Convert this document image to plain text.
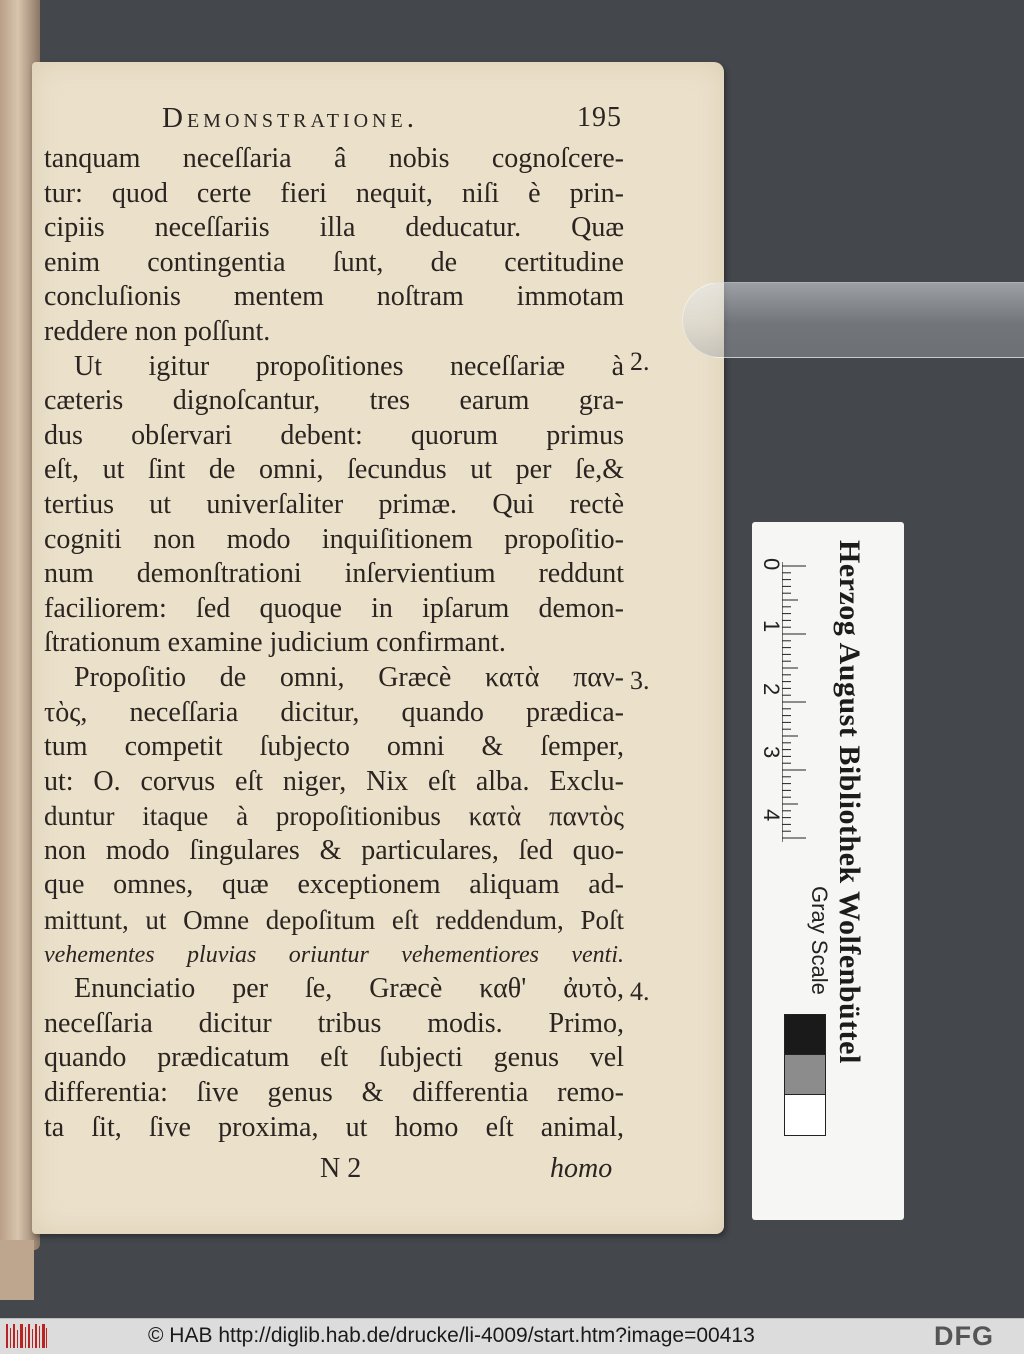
Demonstratione.	195
tanquam neceſſaria â nobis cognoſcere-
tur: quod certe fieri nequit, niſi è prin-
cipiis neceſſariis illa deducatur. Quæ
enim contingentia ſunt, de certitudine
concluſionis mentem noſtram immotam
reddere non poſſunt.
Ut igitur propoſitiones neceſſariæ à
cæteris dignoſcantur, tres earum gra-
dus obſervari debent: quorum primus
eſt, ut ſint de omni, ſecundus ut per ſe,&
tertius ut univerſaliter primæ. Qui rectè
cogniti non modo inquiſitionem propoſitio-
num demonſtrationi inſervientium reddunt
faciliorem: ſed quoque in ipſarum demon-
ſtrationum examine judicium confirmant.
Propoſitio de omni, Græcè κατὰ παν-
τὸς, neceſſaria dicitur, quando prædica-
tum competit ſubjecto omni & ſemper,
ut: O. corvus eſt niger, Nix eſt alba. Exclu-
duntur itaque à propoſitionibus κατὰ παντὸς
non modo ſingulares & particulares, ſed quo-
que omnes, quæ exceptionem aliquam ad-
mittunt, ut Omne depoſitum eſt reddendum, Poſt
vehementes pluvias oriuntur vehementiores venti.
Enunciatio per ſe, Græcè καθ' ἀυτὸ,
neceſſaria dicitur tribus modis. Primo,
quando prædicatum eſt ſubjecti genus vel
differentia: ſive genus & differentia remo-
ta ſit, ſive proxima, ut homo eſt animal,
2.
3.
4.
N 2	homo
0
1
2
3
4 Herzog August Bibliothek Wolfenbüttel
Gray Scale
© HAB http://diglib.hab.de/drucke/li-4009/start.htm?image=00413	DFG
